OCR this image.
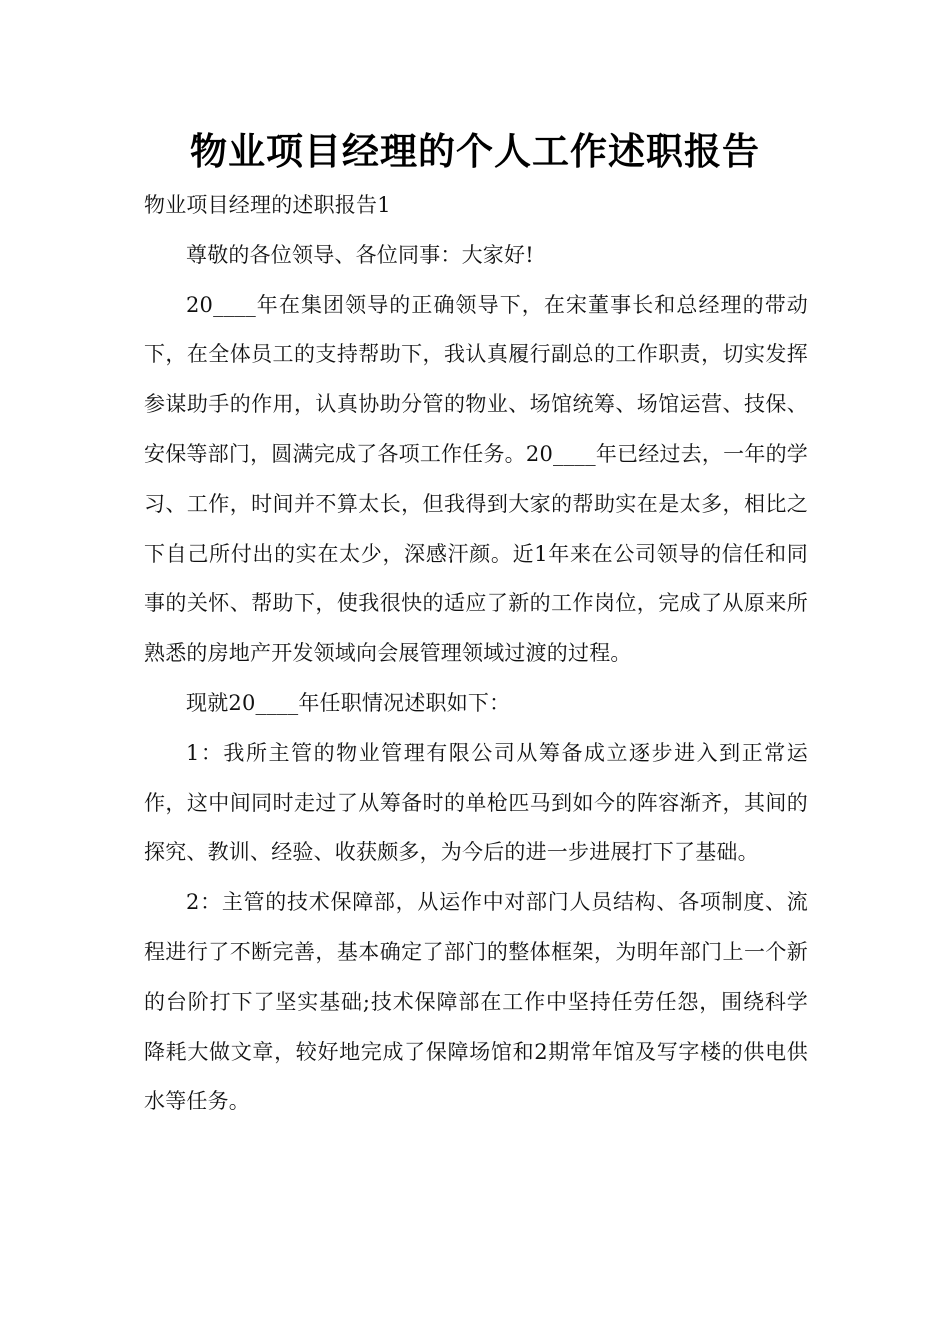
物业项目经理的个人工作述职报告

物业项目经理的述职报告1

尊敬的各位领导、各位同事：大家好!

20____年在集团领导的正确领导下，在宋董事长和总经理的带动下，在全体员工的支持帮助下，我认真履行副总的工作职责，切实发挥参谋助手的作用，认真协助分管的物业、场馆统筹、场馆运营、技保、安保等部门，圆满完成了各项工作任务。20____年已经过去，一年的学习、工作，时间并不算太长，但我得到大家的帮助实在是太多，相比之下自己所付出的实在太少，深感汗颜。近1年来在公司领导的信任和同事的关怀、帮助下，使我很快的适应了新的工作岗位，完成了从原来所熟悉的房地产开发领域向会展管理领域过渡的过程。

现就20____年任职情况述职如下：

1：我所主管的物业管理有限公司从筹备成立逐步进入到正常运作，这中间同时走过了从筹备时的单枪匹马到如今的阵容渐齐，其间的探究、教训、经验、收获颇多，为今后的进一步进展打下了基础。

2：主管的技术保障部，从运作中对部门人员结构、各项制度、流程进行了不断完善，基本确定了部门的整体框架，为明年部门上一个新的台阶打下了坚实基础;技术保障部在工作中坚持任劳任怨，围绕科学降耗大做文章，较好地完成了保障场馆和2期常年馆及写字楼的供电供水等任务。
